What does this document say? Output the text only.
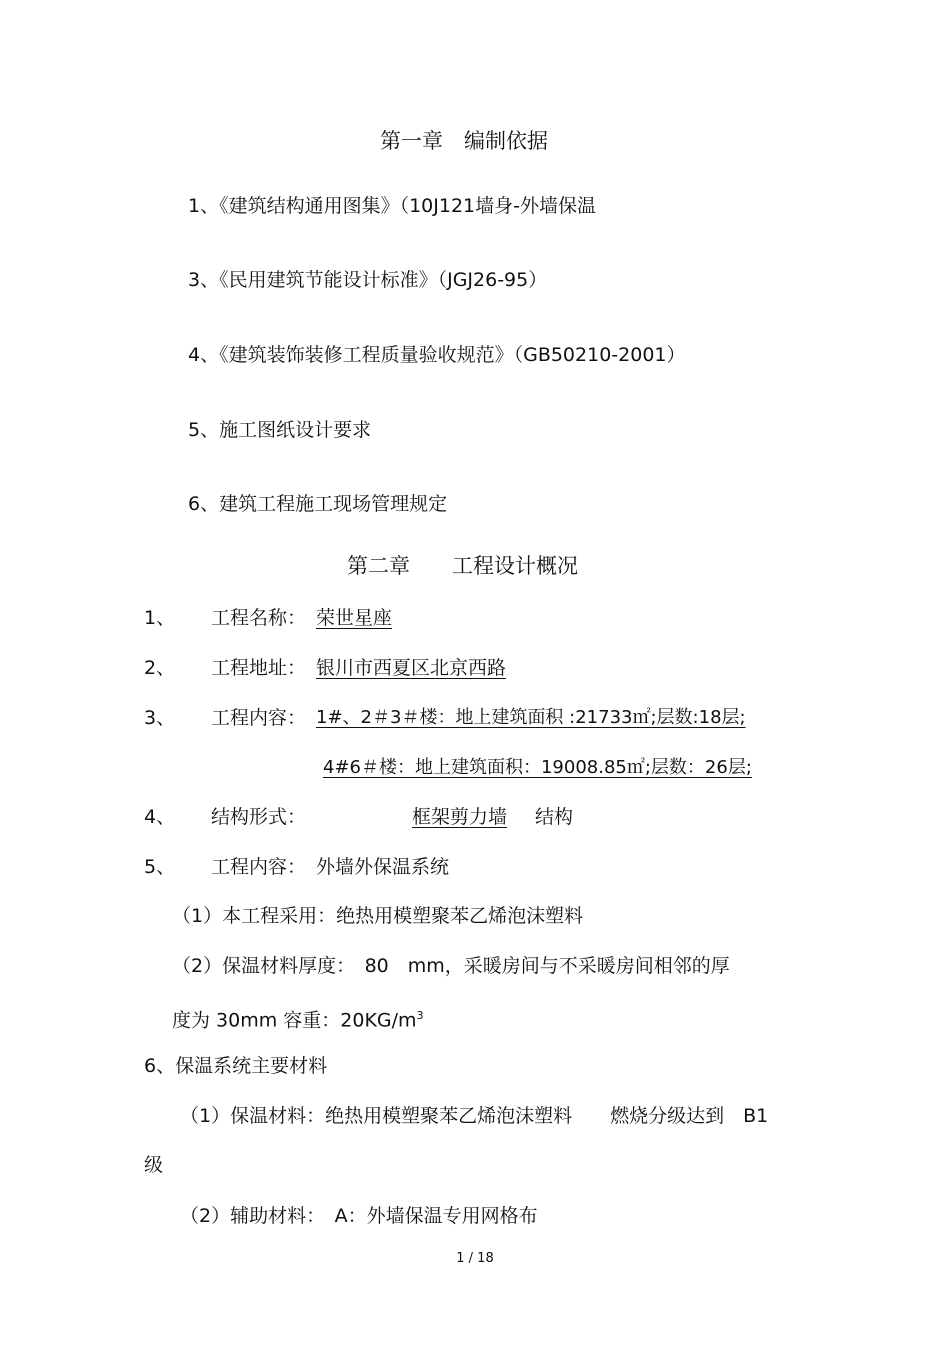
第一章　编制依据
1、《建筑结构通用图集》（10J121墙身-外墙保温
3、《民用建筑节能设计标准》（JGJ26-95）
4、《建筑装饰装修工程质量验收规范》（GB50210-2001）
5、施工图纸设计要求
6、建筑工程施工现场管理规定
第二章　　工程设计概况
1、 工程名称： 荣世星座
2、 工程地址： 银川市西夏区北京西路
3、 工程内容： 1#、2＃3＃楼：地上建筑面积 :21733㎡;层数:18层;
4#6＃楼：地上建筑面积：19008.85㎡;层数：26层;
4、 结构形式：	框架剪力墙	结构
5、 工程内容： 外墙外保温系统
（1）本工程采用：绝热用模塑聚苯乙烯泡沫塑料
（2）保温材料厚度：　80　mm，采暖房间与不采暖房间相邻的厚
度为 30mm 容重：$20KG/m^3$
6、保温系统主要材料
（1）保温材料：绝热用模塑聚苯乙烯泡沫塑料　　燃烧分级达到　B1
级
（2）辅助材料：　A：外墙保温专用网格布
1 / 18
